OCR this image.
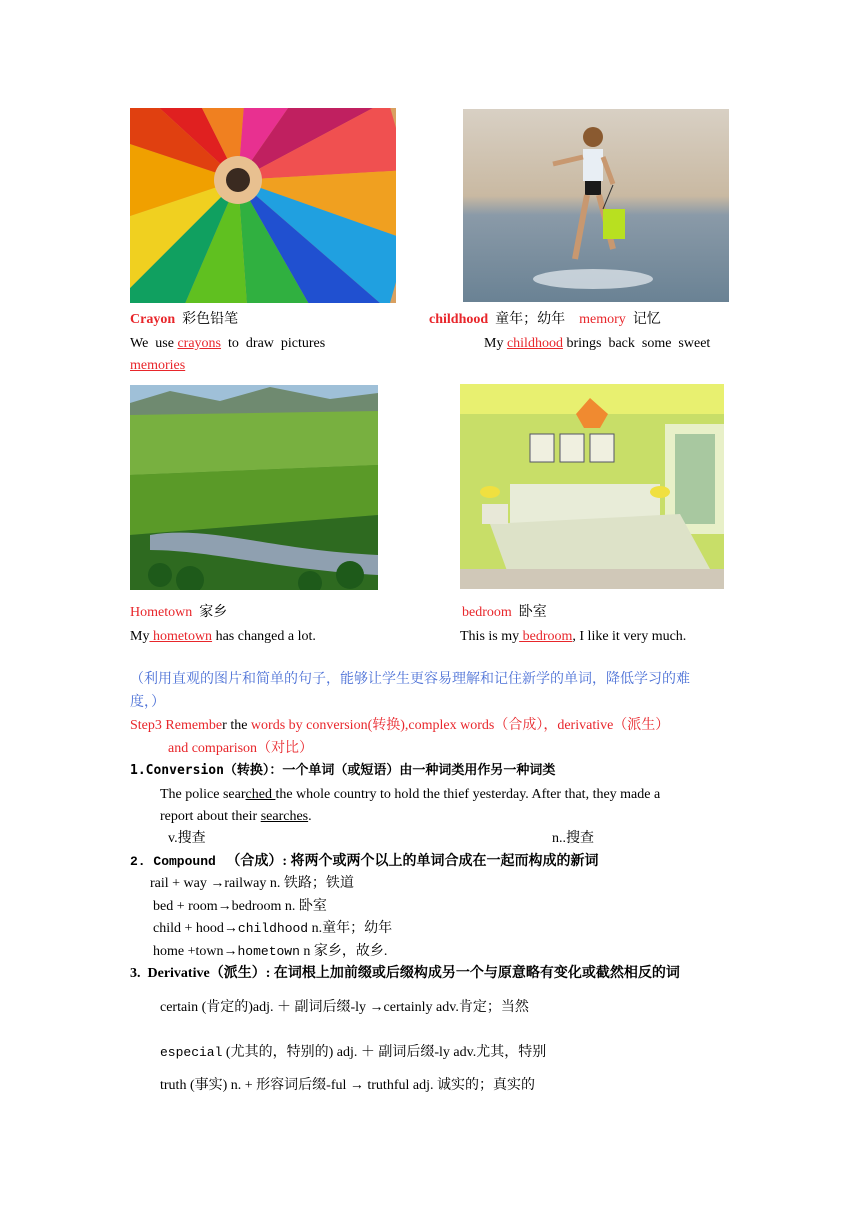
Crayon 彩色铅笔
We  use crayons  to  draw  pictures
childhood 童年；幼年 memory 记忆
My childhood brings  back  some  sweet
memories
Hometown 家乡
My hometown has changed a lot.
bedroom 卧室
This is my bedroom, I like it very much.
（利用直观的图片和简单的句子，能够让学生更容易理解和记住新学的单词，降低学习的难
度，）
Step3 Remember the words by conversion(转换),complex words（合成），derivative（派生）
and comparison（对比）
1.Conversion（转换）：一个单词（或短语）由一种词类用作另一种词类
The police searched the whole country to hold the thief yesterday. After that, they made a
report about their searches.
v.搜查	n..搜查
2. Compound （合成）: 将两个或两个以上的单词合成在一起而构成的新词
rail + way →railway n. 铁路；铁道
bed + room→bedroom n. 卧室
child + hood→childhood n.童年；幼年
home +town→hometown n 家乡，故乡.
3. Derivative（派生）: 在词根上加前缀或后缀构成另一个与原意略有变化或截然相反的词
certain (肯定的)adj. ＋ 副词后缀-ly →certainly adv.肯定；当然
especial (尤其的，特别的) adj. ＋ 副词后缀-ly adv.尤其，特别
truth (事实) n. + 形容词后缀-ful → truthful adj. 诚实的；真实的
